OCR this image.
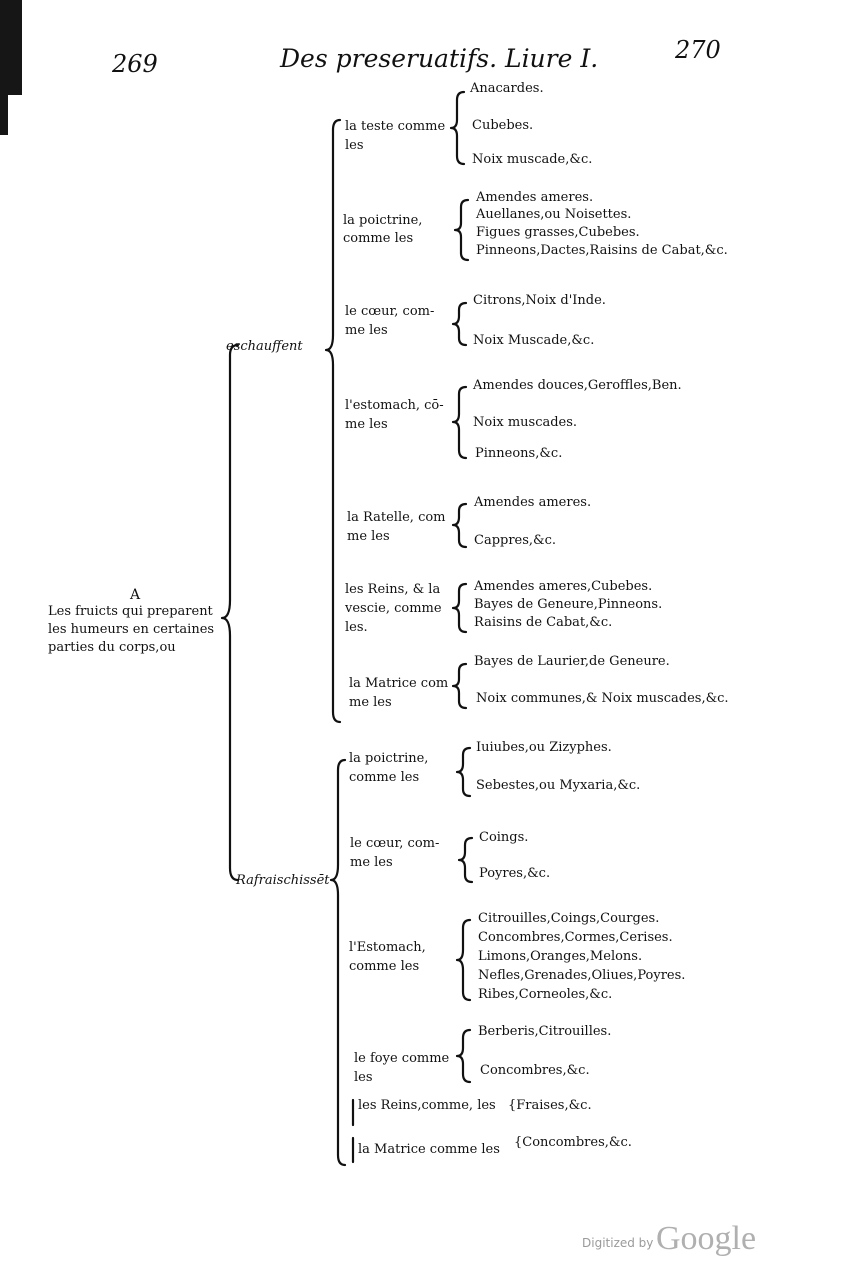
269	Des preseruatifs. Liure I.	270
A
Les fruicts qui preparent
les humeurs en certaines
parties du corps,ou
eschauffent
Rafraischissēt
la teste comme
les
Anacardes.
Cubebes.
Noix muscade,&c.
la poictrine,
comme les
Amendes ameres.
Auellanes,ou Noisettes.
Figues grasses,Cubebes.
Pinneons,Dactes,Raisins de Cabat,&c.
le cœur, com-
me les
Citrons,Noix d'Inde.
Noix Muscade,&c.
l'estomach, cō-
me les
Amendes douces,Geroffles,Ben.
Noix muscades.
Pinneons,&c.
la Ratelle, com
me les
Amendes ameres.
Cappres,&c.
les Reins, & la
vescie, comme
les.
Amendes ameres,Cubebes.
Bayes de Geneure,Pinneons.
Raisins de Cabat,&c.
la Matrice com
me les
Bayes de Laurier,de Geneure.
Noix communes,& Noix muscades,&c.
la poictrine,
comme les
Iuiubes,ou Zizyphes.
Sebestes,ou Myxaria,&c.
le cœur, com-
me les
Coings.
Poyres,&c.
l'Estomach,
comme les
Citrouilles,Coings,Courges.
Concombres,Cormes,Cerises.
Limons,Oranges,Melons.
Nefles,Grenades,Oliues,Poyres.
Ribes,Corneoles,&c.
le foye comme
les
Berberis,Citrouilles.
Concombres,&c.
les Reins,comme, les {Fraises,&c.
la Matrice comme les {Concombres,&c.
Digitized by Google
